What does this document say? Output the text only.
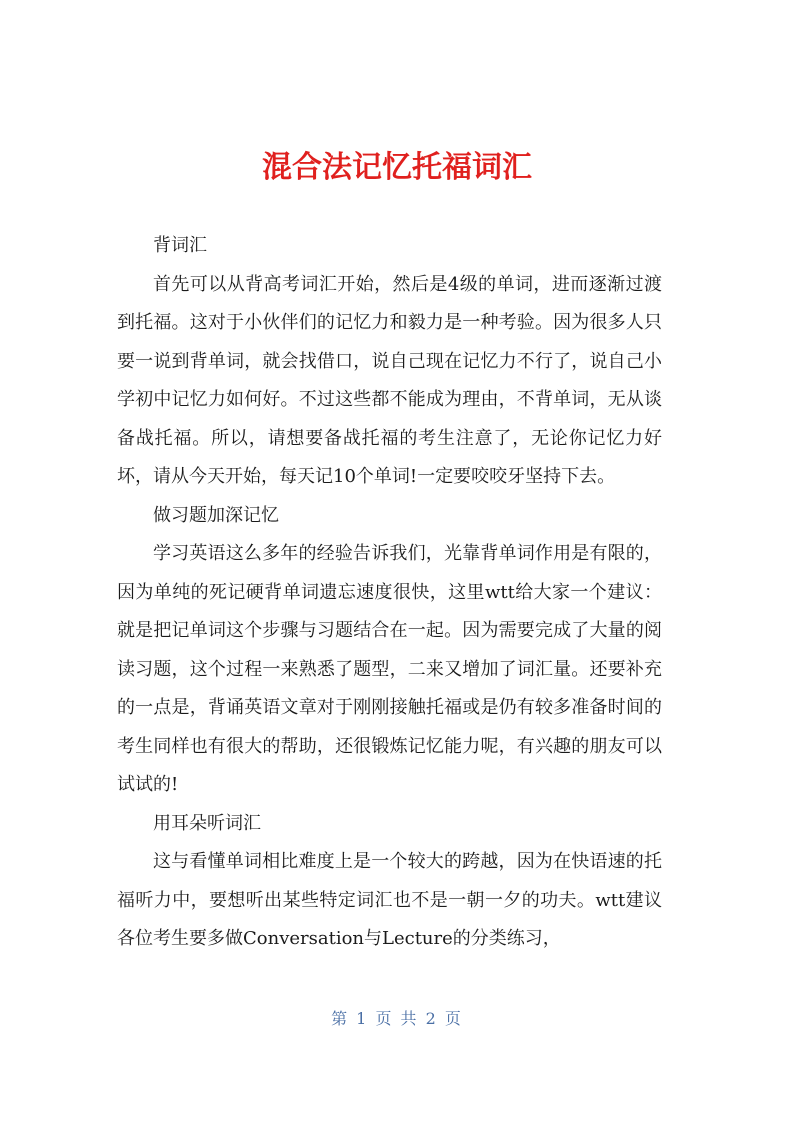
混合法记忆托福词汇

背词汇

首先可以从背高考词汇开始，然后是4级的单词，进而逐渐过渡到托福。这对于小伙伴们的记忆力和毅力是一种考验。因为很多人只要一说到背单词，就会找借口，说自己现在记忆力不行了，说自己小学初中记忆力如何好。不过这些都不能成为理由，不背单词，无从谈备战托福。所以，请想要备战托福的考生注意了，无论你记忆力好坏，请从今天开始，每天记10个单词!一定要咬咬牙坚持下去。

做习题加深记忆

学习英语这么多年的经验告诉我们，光靠背单词作用是有限的，因为单纯的死记硬背单词遗忘速度很快，这里wtt给大家一个建议：就是把记单词这个步骤与习题结合在一起。因为需要完成了大量的阅读习题，这个过程一来熟悉了题型，二来又增加了词汇量。还要补充的一点是，背诵英语文章对于刚刚接触托福或是仍有较多准备时间的考生同样也有很大的帮助，还很锻炼记忆能力呢，有兴趣的朋友可以试试的!

用耳朵听词汇

这与看懂单词相比难度上是一个较大的跨越，因为在快语速的托福听力中，要想听出某些特定词汇也不是一朝一夕的功夫。wtt建议各位考生要多做Conversation与Lecture的分类练习，

第 1 页 共 2 页
